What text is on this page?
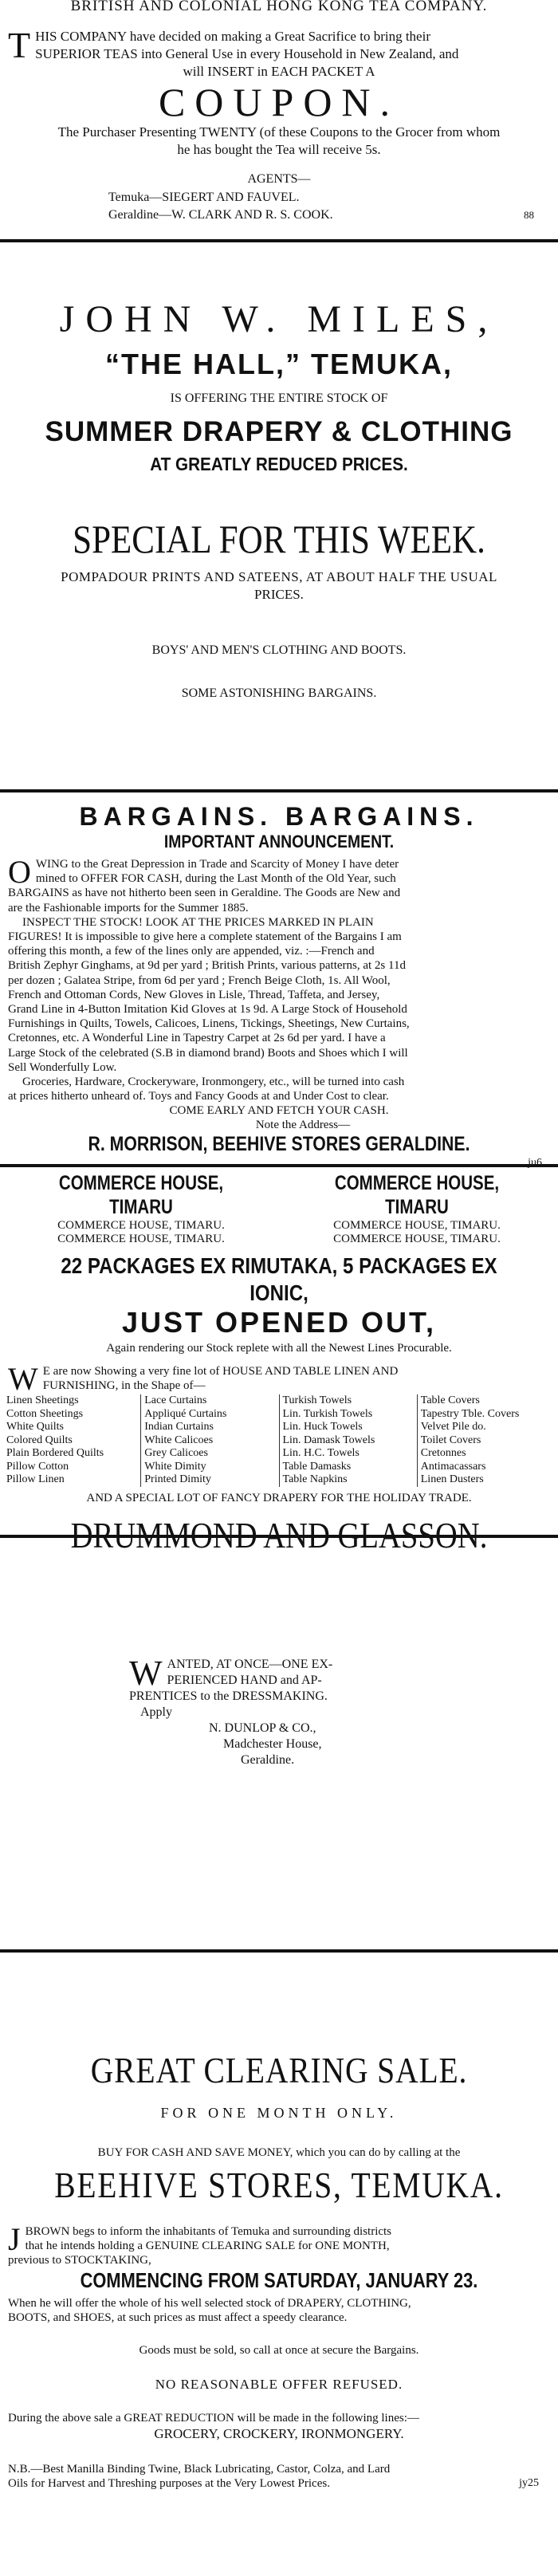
BRITISH AND COLONIAL HONG KONG TEA COMPANY.
T HIS COMPANY have decided on making a Great Sacrifice to bring their
SUPERIOR TEAS into General Use in every Household in New Zealand, and
will INSERT in EACH PACKET A
COUPON.
The Purchaser Presenting TWENTY (of these Coupons to the Grocer from whom
he has bought the Tea will receive 5s.
AGENTS—
Temuka—SIEGERT AND FAUVEL.
Geraldine—W. CLARK AND R. S. COOK.	88
JOHN W. MILES,
“THE HALL,” TEMUKA,
IS OFFERING THE ENTIRE STOCK OF
SUMMER DRAPERY & CLOTHING
AT GREATLY REDUCED PRICES.
SPECIAL FOR THIS WEEK.
POMPADOUR PRINTS AND SATEENS, AT ABOUT HALF THE USUAL
PRICES.
BOYS' AND MEN'S CLOTHING AND BOOTS.
SOME ASTONISHING BARGAINS.
BARGAINS. BARGAINS.
IMPORTANT ANNOUNCEMENT.
O WING to the Great Depression in Trade and Scarcity of Money I have deter
mined to OFFER FOR CASH, during the Last Month of the Old Year, such
BARGAINS as have not hitherto been seen in Geraldine. The Goods are New and
are the Fashionable imports for the Summer 1885.
INSPECT THE STOCK! LOOK AT THE PRICES MARKED IN PLAIN
FIGURES! It is impossible to give here a complete statement of the Bargains I am
offering this month, a few of the lines only are appended, viz. :—French and
British Zephyr Ginghams, at 9d per yard ; British Prints, various patterns, at 2s 11d
per dozen ; Galatea Stripe, from 6d per yard ; French Beige Cloth, 1s. All Wool,
French and Ottoman Cords, New Gloves in Lisle, Thread, Taffeta, and Jersey,
Grand Line in 4-Button Imitation Kid Gloves at 1s 9d. A Large Stock of Household
Furnishings in Quilts, Towels, Calicoes, Linens, Tickings, Sheetings, New Curtains,
Cretonnes, etc. A Wonderful Line in Tapestry Carpet at 2s 6d per yard. I have a
Large Stock of the celebrated (S.B in diamond brand) Boots and Shoes which I will
Sell Wonderfully Low.
Groceries, Hardware, Crockeryware, Ironmongery, etc., will be turned into cash
at prices hitherto unheard of. Toys and Fancy Goods at and Under Cost to clear.
COME EARLY AND FETCH YOUR CASH.
Note the Address—
R. MORRISON, BEEHIVE STORES GERALDINE.
ju6
COMMERCE HOUSE, TIMARU
COMMERCE HOUSE, TIMARU.
COMMERCE HOUSE, TIMARU.
COMMERCE HOUSE, TIMARU
COMMERCE HOUSE, TIMARU.
COMMERCE HOUSE, TIMARU.
22 PACKAGES EX RIMUTAKA, 5 PACKAGES EX IONIC,
JUST OPENED OUT,
Again rendering our Stock replete with all the Newest Lines Procurable.
W E are now Showing a very fine lot of HOUSE AND TABLE LINEN AND
FURNISHING, in the Shape of—
Linen Sheetings
Cotton Sheetings
White Quilts
Colored Quilts
Plain Bordered Quilts
Pillow Cotton
Pillow Linen
Lace Curtains
Appliqué Curtains
Indian Curtains
White Calicoes
Grey Calicoes
White Dimity
Printed Dimity
Turkish Towels
Lin. Turkish Towels
Lin. Huck Towels
Lin. Damask Towels
Lin. H.C. Towels
Table Damasks
Table Napkins
Table Covers
Tapestry Tble. Covers
Velvet Pile do.
Toilet Covers
Cretonnes
Antimacassars
Linen Dusters
AND A SPECIAL LOT OF FANCY DRAPERY FOR THE HOLIDAY TRADE.
DRUMMOND AND GLASSON.
W ANTED, AT ONCE—ONE EX-
PERIENCED HAND and AP-
PRENTICES to the DRESSMAKING.
Apply
N. DUNLOP & CO.,
Madchester House,
Geraldine.
GREAT CLEARING SALE.
FOR ONE MONTH ONLY.
BUY FOR CASH AND SAVE MONEY, which you can do by calling at the
BEEHIVE STORES, TEMUKA.
J BROWN begs to inform the inhabitants of Temuka and surrounding districts
that he intends holding a GENUINE CLEARING SALE for ONE MONTH,
previous to STOCKTAKING,
COMMENCING FROM SATURDAY, JANUARY 23.
When he will offer the whole of his well selected stock of DRAPERY, CLOTHING,
BOOTS, and SHOES, at such prices as must affect a speedy clearance.
Goods must be sold, so call at once at secure the Bargains.
NO REASONABLE OFFER REFUSED.
During the above sale a GREAT REDUCTION will be made in the following lines:—
GROCERY, CROCKERY, IRONMONGERY.
N.B.—Best Manilla Binding Twine, Black Lubricating, Castor, Colza, and Lard
Oils for Harvest and Threshing purposes at the Very Lowest Prices.	jy25
